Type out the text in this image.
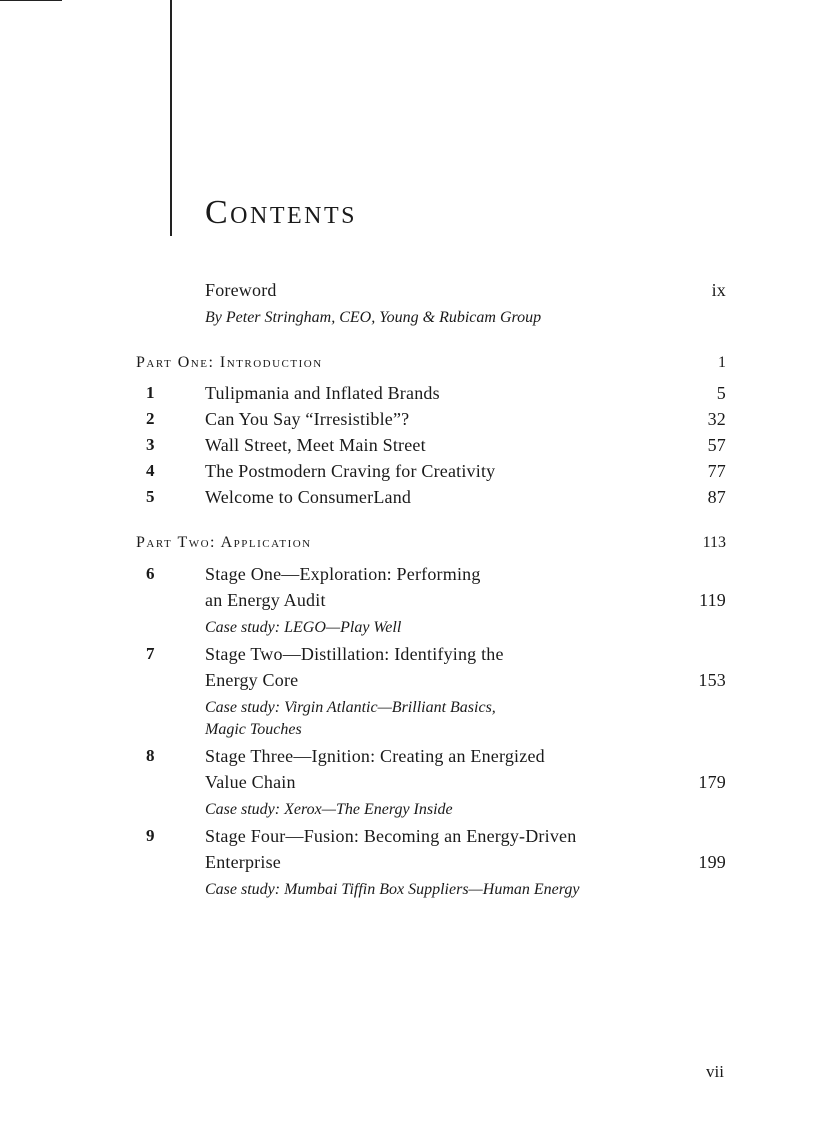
Contents
Foreword	ix
By Peter Stringham, CEO, Young & Rubicam Group
Part One: Introduction	1
1	Tulipmania and Inflated Brands	5
2	Can You Say “Irresistible”?	32
3	Wall Street, Meet Main Street	57
4	The Postmodern Craving for Creativity	77
5	Welcome to ConsumerLand	87
Part Two: Application	113
6	Stage One—Exploration: Performing
an Energy Audit	119
Case study: LEGO—Play Well
7	Stage Two—Distillation: Identifying the
Energy Core	153
Case study: Virgin Atlantic—Brilliant Basics,
Magic Touches
8	Stage Three—Ignition: Creating an Energized
Value Chain	179
Case study: Xerox—The Energy Inside
9	Stage Four—Fusion: Becoming an Energy-Driven
Enterprise	199
Case study: Mumbai Tiffin Box Suppliers—Human Energy
vii
